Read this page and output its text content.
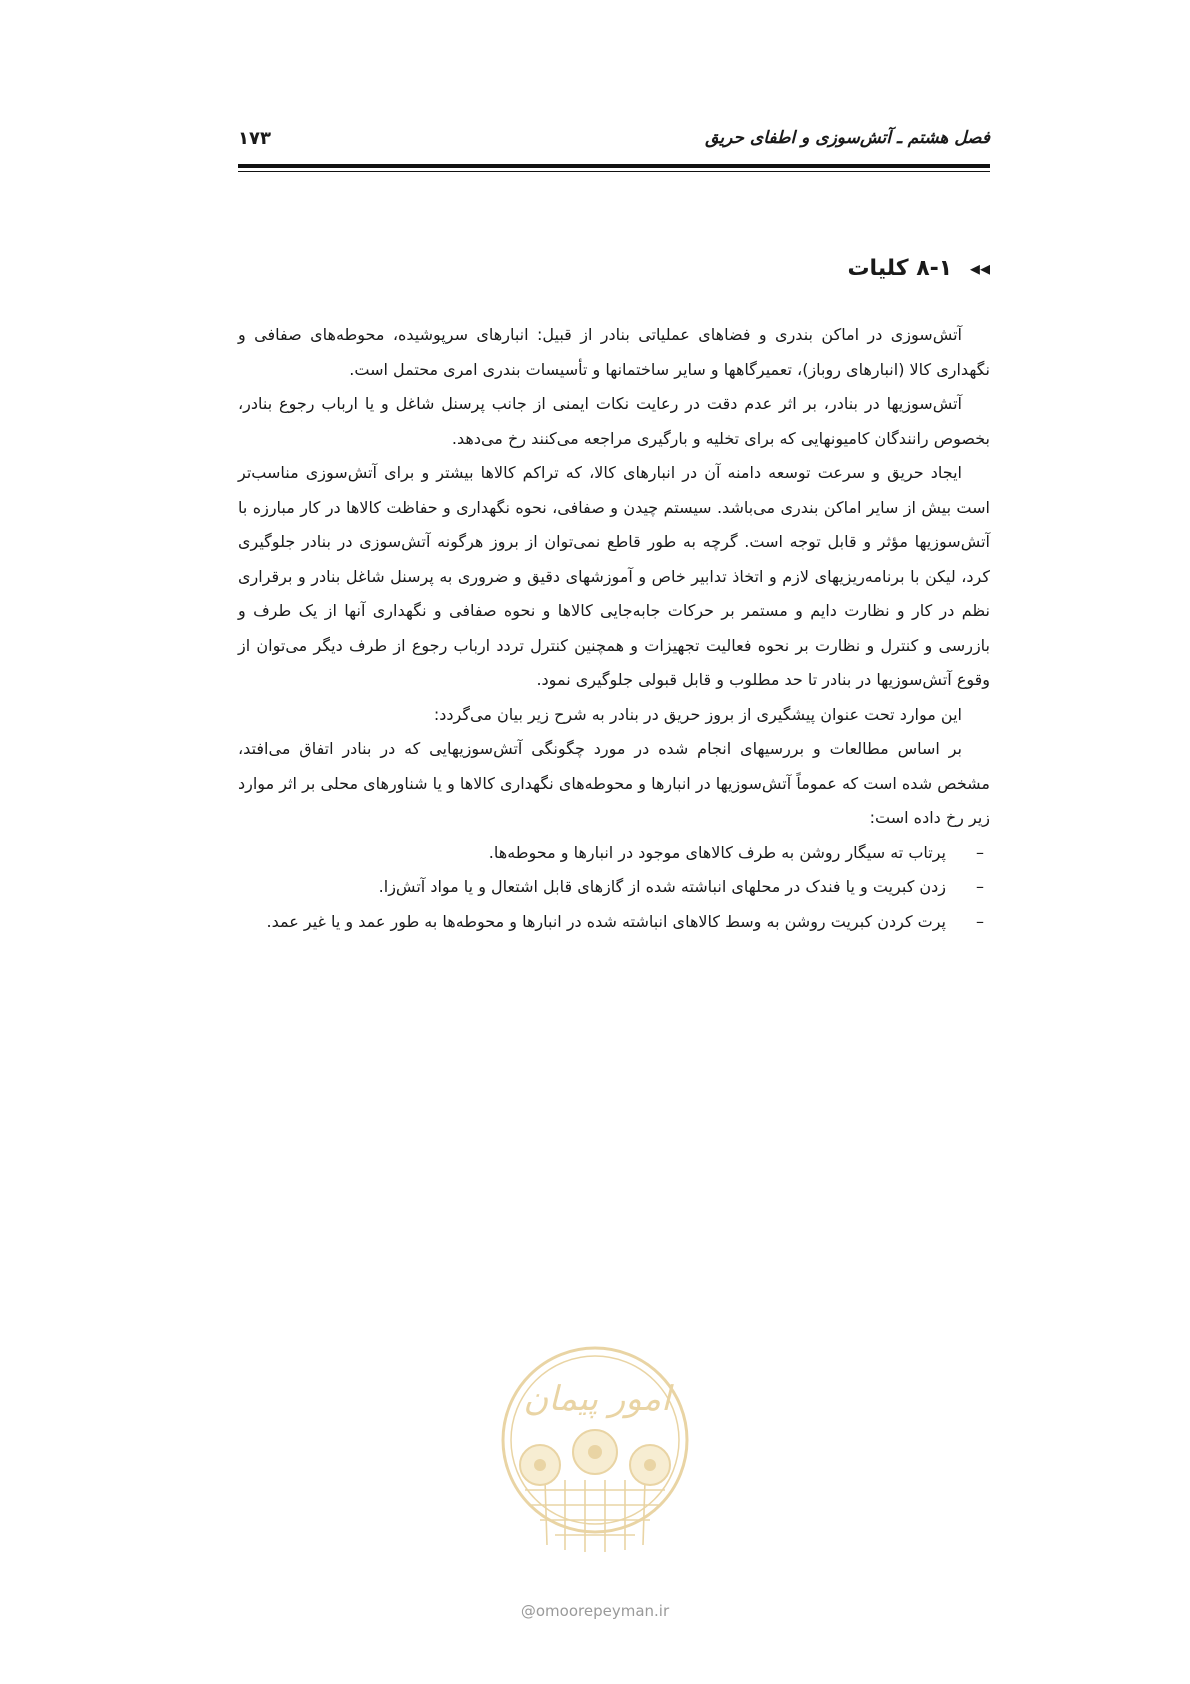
فصل هشتم ـ آتش‌سوزی و اطفای حریق
۱۷۳
◂◂ ۸-۱ کلیات

آتش‌سوزی در اماکن بندری و فضاهای عملیاتی بنادر از قبیل: انبارهای سرپوشیده، محوطه‌های صفافی و نگهداری کالا (انبارهای روباز)، تعمیرگاهها و سایر ساختمانها و تأسیسات بندری امری محتمل است.

آتش‌سوزیها در بنادر، بر اثر عدم دقت در رعایت نکات ایمنی از جانب پرسنل شاغل و یا ارباب رجوع بنادر، بخصوص رانندگان کامیونهایی که برای تخلیه و بارگیری مراجعه می‌کنند رخ می‌دهد.

ایجاد حریق و سرعت توسعه دامنه آن در انبارهای کالا، که تراکم کالاها بیشتر و برای آتش‌سوزی مناسب‌تر است بیش از سایر اماکن بندری می‌باشد. سیستم چیدن و صفافی، نحوه نگهداری و حفاظت کالاها در کار مبارزه با آتش‌سوزیها مؤثر و قابل توجه است. گرچه به طور قاطع نمی‌توان از بروز هرگونه آتش‌سوزی در بنادر جلوگیری کرد، لیکن با برنامه‌ریزیهای لازم و اتخاذ تدابیر خاص و آموزشهای دقیق و ضروری به پرسنل شاغل بنادر و برقراری نظم در کار و نظارت دایم و مستمر بر حرکات جابه‌جایی کالاها و نحوه صفافی و نگهداری آنها از یک طرف و بازرسی و کنترل و نظارت بر نحوه فعالیت تجهیزات و همچنین کنترل تردد ارباب رجوع از طرف دیگر می‌توان از وقوع آتش‌سوزیها در بنادر تا حد مطلوب و قابل قبولی جلوگیری نمود.

این موارد تحت عنوان پیشگیری از بروز حریق در بنادر به شرح زیر بیان می‌گردد:

بر اساس مطالعات و بررسیهای انجام شده در مورد چگونگی آتش‌سوزیهایی که در بنادر اتفاق می‌افتد، مشخص شده است که عموماً آتش‌سوزیها در انبارها و محوطه‌های نگهداری کالاها و یا شناورهای محلی بر اثر موارد زیر رخ داده است:

–
پرتاب ته سیگار روشن به طرف کالاهای موجود در انبارها و محوطه‌ها.
–
زدن کبریت و یا فندک در محلهای انباشته شده از گازهای قابل اشتعال و یا مواد آتش‌زا.
–
پرت کردن کبریت روشن به وسط کالاهای انباشته شده در انبارها و محوطه‌ها به طور عمد و یا غیر عمد.
امور پیمان
@omoorepeyman.ir
